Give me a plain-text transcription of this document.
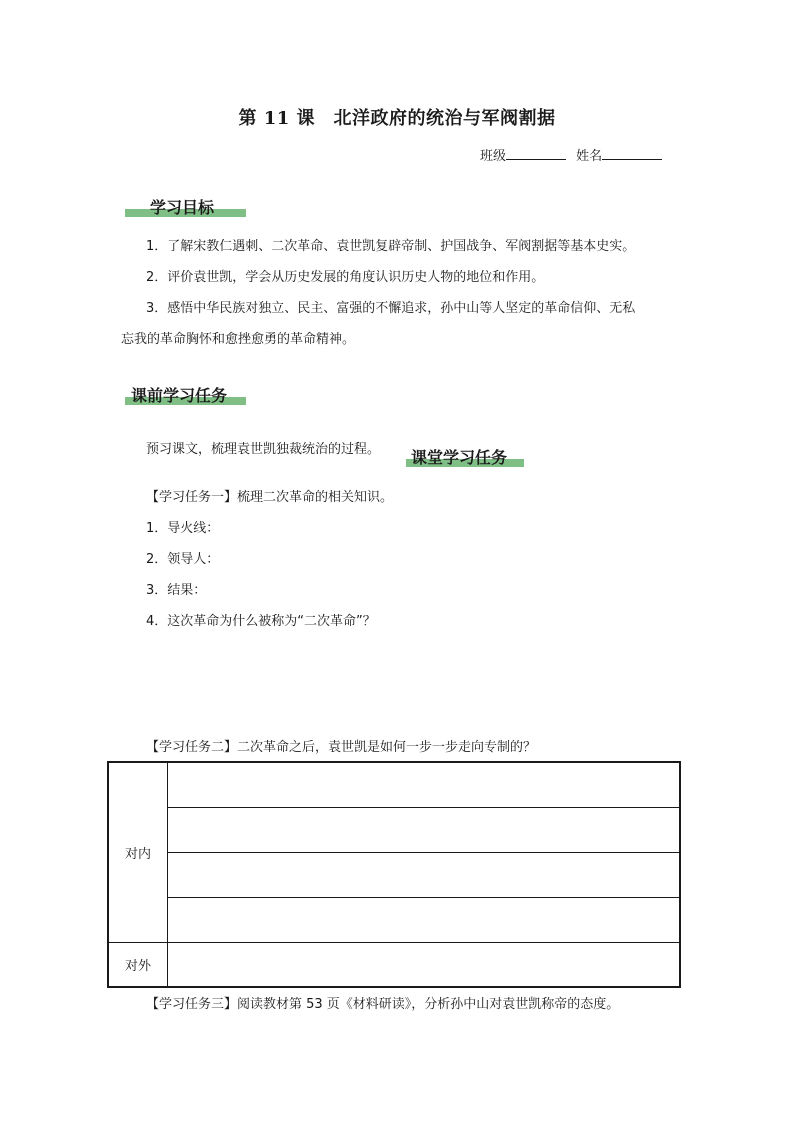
第 11 课　北洋政府的统治与军阀割据
班级	姓名
学习目标
1．了解宋教仁遇刺、二次革命、袁世凯复辟帝制、护国战争、军阀割据等基本史实。
2．评价袁世凯，学会从历史发展的角度认识历史人物的地位和作用。
3．感悟中华民族对独立、民主、富强的不懈追求，孙中山等人坚定的革命信仰、无私
忘我的革命胸怀和愈挫愈勇的革命精神。
课前学习任务
预习课文，梳理袁世凯独裁统治的过程。 课堂学习任务
【学习任务一】梳理二次革命的相关知识。
1．导火线：
2．领导人：
3．结果：
4．这次革命为什么被称为“二次革命”？
【学习任务二】二次革命之后，袁世凯是如何一步一步走向专制的？
对内	

对外	
【学习任务三】阅读教材第 53 页《材料研读》，分析孙中山对袁世凯称帝的态度。
